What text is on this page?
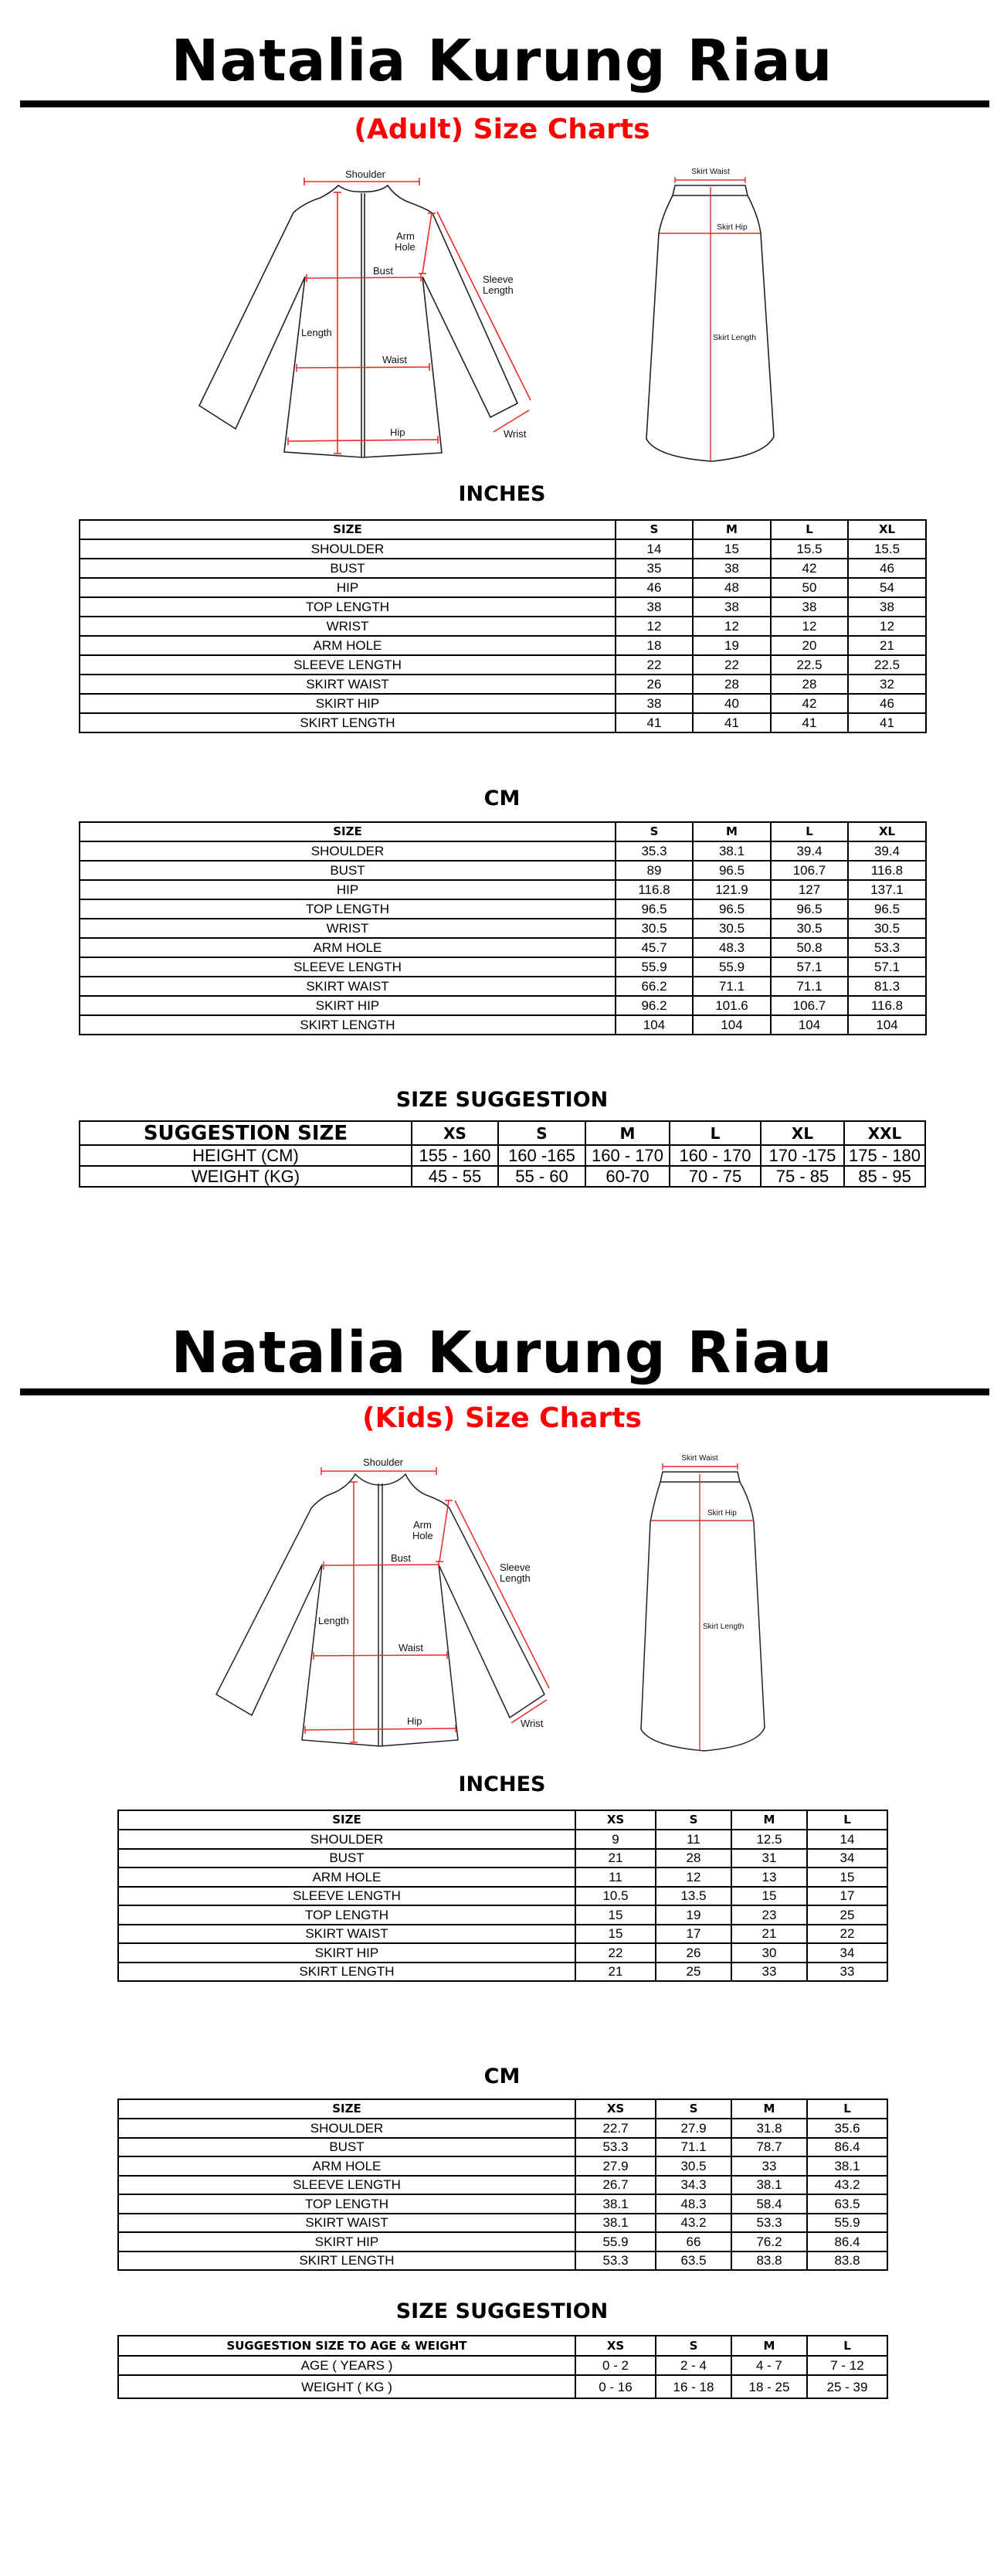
Natalia Kurung Riau
(Adult) Size Charts
Shoulder
Arm
Hole
Bust
Sleeve
Length
Length
Waist
Hip	Wrist
Skirt Waist
Skirt Hip
Skirt Length
INCHES
SIZE	S	M	L	XL
SHOULDER	14	15	15.5	15.5
BUST	35	38	42	46
HIP	46	48	50	54
TOP LENGTH	38	38	38	38
WRIST	12	12	12	12
ARM HOLE	18	19	20	21
SLEEVE LENGTH	22	22	22.5	22.5
SKIRT WAIST	26	28	28	32
SKIRT HIP	38	40	42	46
SKIRT LENGTH	41	41	41	41
CM
SIZE	S	M	L	XL
SHOULDER	35.3	38.1	39.4	39.4
BUST	89	96.5	106.7	116.8
HIP	116.8	121.9	127	137.1
TOP LENGTH	96.5	96.5	96.5	96.5
WRIST	30.5	30.5	30.5	30.5
ARM HOLE	45.7	48.3	50.8	53.3
SLEEVE LENGTH	55.9	55.9	57.1	57.1
SKIRT WAIST	66.2	71.1	71.1	81.3
SKIRT HIP	96.2	101.6	106.7	116.8
SKIRT LENGTH	104	104	104	104
SIZE SUGGESTION
SUGGESTION SIZE	XS	S	M	L	XL	XXL
HEIGHT (CM)	155 - 160	160 -165	160 - 170	160 - 170	170 -175	175 - 180
WEIGHT (KG)	45 - 55	55 - 60	60-70	70 - 75	75 - 85	85 - 95
Natalia Kurung Riau
(Kids) Size Charts
Shoulder
Arm
Hole
Bust
Sleeve
Length
Length
Waist
Hip	Wrist
Skirt Waist
Skirt Hip
Skirt Length
INCHES
SIZE	XS	S	M	L
SHOULDER	9	11	12.5	14
BUST	21	28	31	34
ARM HOLE	11	12	13	15
SLEEVE LENGTH	10.5	13.5	15	17
TOP LENGTH	15	19	23	25
SKIRT WAIST	15	17	21	22
SKIRT HIP	22	26	30	34
SKIRT LENGTH	21	25	33	33
CM
SIZE	XS	S	M	L
SHOULDER	22.7	27.9	31.8	35.6
BUST	53.3	71.1	78.7	86.4
ARM HOLE	27.9	30.5	33	38.1
SLEEVE LENGTH	26.7	34.3	38.1	43.2
TOP LENGTH	38.1	48.3	58.4	63.5
SKIRT WAIST	38.1	43.2	53.3	55.9
SKIRT HIP	55.9	66	76.2	86.4
SKIRT LENGTH	53.3	63.5	83.8	83.8
SIZE SUGGESTION
SUGGESTION SIZE TO AGE & WEIGHT	XS	S	M	L
AGE ( YEARS )	0 - 2	2 - 4	4 - 7	7 - 12
WEIGHT ( KG )	0 - 16	16 - 18	18 - 25	25 - 39
